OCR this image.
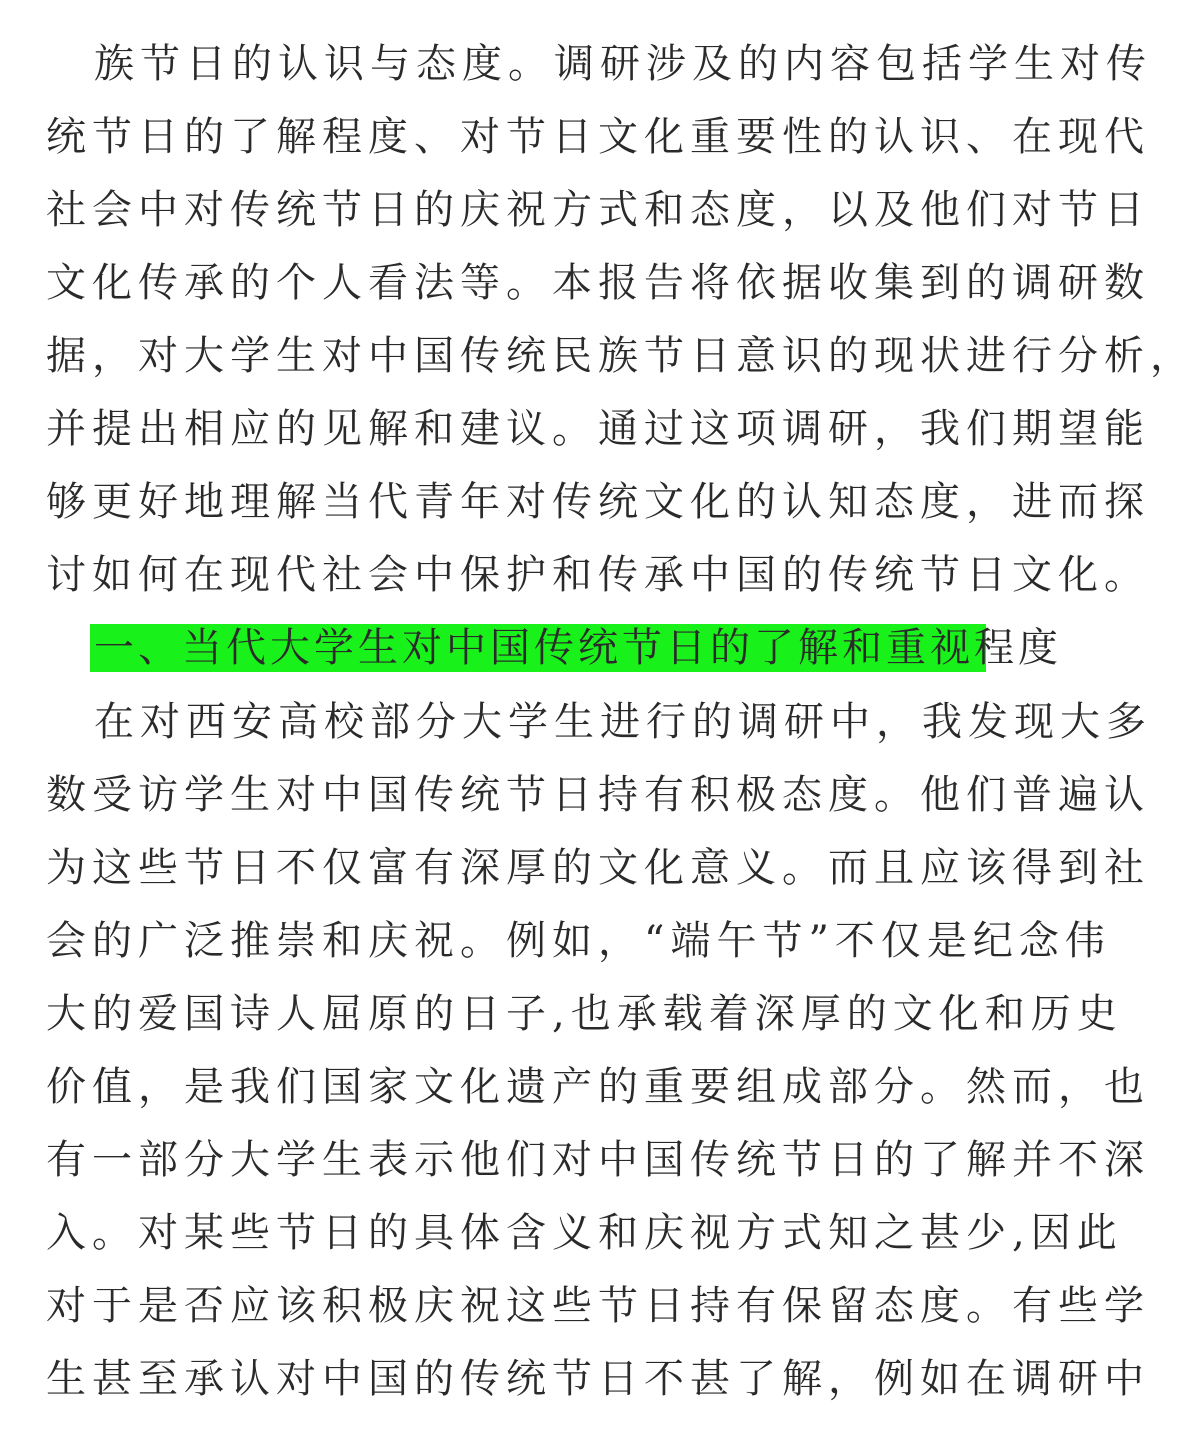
族节日的认识与态度。调研涉及的内容包括学生对传
统节日的了解程度、对节日文化重要性的认识、在现代
社会中对传统节日的庆祝方式和态度，以及他们对节日
文化传承的个人看法等。本报告将依据收集到的调研数
据，对大学生对中国传统民族节日意识的现状进行分析，
并提出相应的见解和建议。通过这项调研，我们期望能
够更好地理解当代青年对传统文化的认知态度，进而探
讨如何在现代社会中保护和传承中国的传统节日文化。
一、当代大学生对中国传统节日的了解和重视程度
在对西安高校部分大学生进行的调研中，我发现大多
数受访学生对中国传统节日持有积极态度。他们普遍认
为这些节日不仅富有深厚的文化意义。而且应该得到社
会的广泛推崇和庆祝。例如，“端午节”不仅是纪念伟
大的爱国诗人屈原的日子,也承载着深厚的文化和历史
价值，是我们国家文化遗产的重要组成部分。然而，也
有一部分大学生表示他们对中国传统节日的了解并不深
入。对某些节日的具体含义和庆视方式知之甚少,因此
对于是否应该积极庆祝这些节日持有保留态度。有些学
生甚至承认对中国的传统节日不甚了解，例如在调研中
